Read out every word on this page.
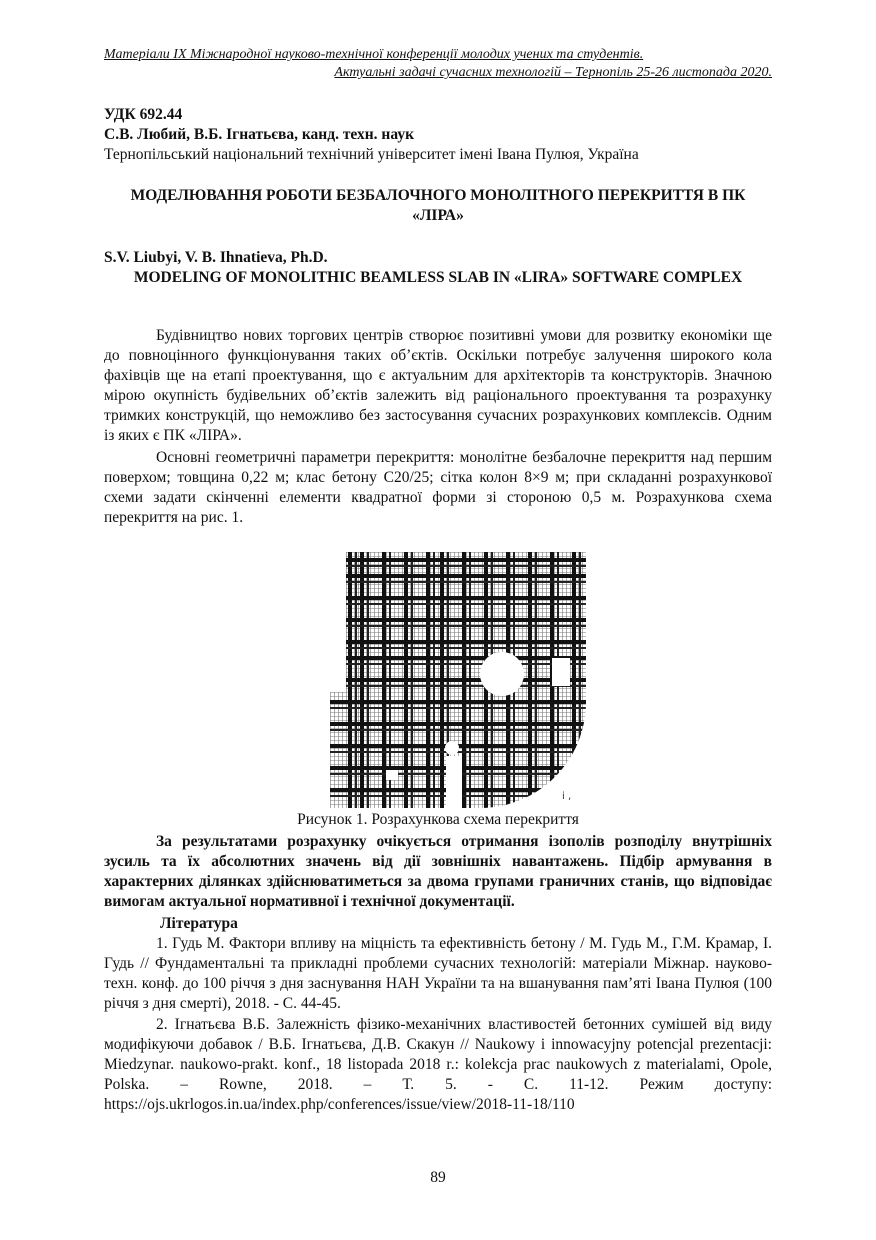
Матеріали IX Міжнародної науково-технічної конференції молодих учених та студентів.
Актуальні задачі сучасних технологій – Тернопіль 25-26 листопада 2020.
УДК 692.44
С.В. Любий, В.Б. Ігнатьєва, канд. техн. наук
Тернопільський національний технічний університет імені Івана Пулюя, Україна
МОДЕЛЮВАННЯ РОБОТИ БЕЗБАЛОЧНОГО МОНОЛІТНОГО ПЕРЕКРИТТЯ В ПК «ЛІРА»
S.V. Liubyi, V. B. Ihnatieva, Ph.D.
MODELING OF MONOLITHIC BEAMLESS SLAB IN «LIRA» SOFTWARE COMPLEX

Будівництво нових торгових центрів створює позитивні умови для розвитку економіки ще до повноцінного функціонування таких об’єктів. Оскільки потребує залучення широкого кола фахівців ще на етапі проектування, що є актуальним для архітекторів та конструкторів. Значною мірою окупність будівельних об’єктів залежить від раціонального проектування та розрахунку тримких конструкцій, що неможливо без застосування сучасних розрахункових комплексів. Одним із яких є ПК «ЛІРА».

Основні геометричні параметри перекриття: монолітне безбалочне перекриття над першим поверхом; товщина 0,22 м; клас бетону С20/25; сітка колон 8×9 м; при складанні розрахункової схеми задати скінченні елементи квадратної форми зі стороною 0,5 м. Розрахункова схема перекриття на рис. 1.

i ,
Рисунок 1. Розрахункова схема перекриття

За результатами розрахунку очікується отримання ізополів розподілу внутрішніх зусиль та їх абсолютних значень від дії зовнішніх навантажень. Підбір армування в характерних ділянках здійснюватиметься за двома групами граничних станів, що відповідає вимогам актуальної нормативної і технічної документації.

Література

1. Гудь М. Фактори впливу на міцність та ефективність бетону / М. Гудь М., Г.М. Крамар, І. Гудь // Фундаментальні та прикладні проблеми сучасних технологій: матеріали Міжнар. науково-техн. конф. до 100 річчя з дня заснування НАН України та на вшанування пам’яті Івана Пулюя (100 річчя з дня смерті), 2018. - С. 44-45.

2. Ігнатьєва В.Б. Залежність фізико-механічних властивостей бетонних сумішей від виду модифікуючи добавок / В.Б. Ігнатьєва, Д.В. Скакун // Naukowy i innowacyjny potencjal prezentacji: Miedzynar. naukowo-prakt. konf., 18 listopada 2018 r.: kolekcja prac naukowych z materialami, Opole, Polska. – Rowne, 2018. – Т. 5. - С. 11-12. Режим доступу: https://ojs.ukrlogos.in.ua/index.php/conferences/issue/view/2018-11-18/110

89
